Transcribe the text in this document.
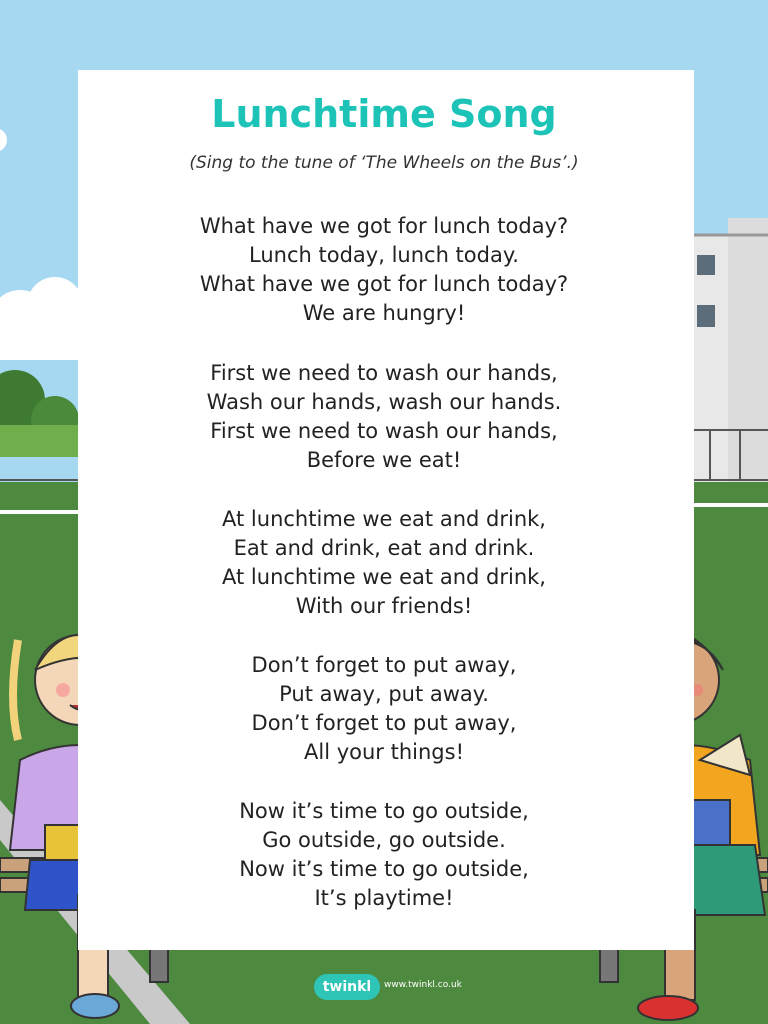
Lunchtime Song
(Sing to the tune of ‘The Wheels on the Bus’.)
What have we got for lunch today?
Lunch today, lunch today.
What have we got for lunch today?
We are hungry!
First we need to wash our hands,
Wash our hands, wash our hands.
First we need to wash our hands,
Before we eat!
At lunchtime we eat and drink,
Eat and drink, eat and drink.
At lunchtime we eat and drink,
With our friends!
Don’t forget to put away,
Put away, put away.
Don’t forget to put away,
All your things!
Now it’s time to go outside,
Go outside, go outside.
Now it’s time to go outside,
It’s playtime!
twinkl	www.twinkl.co.uk
